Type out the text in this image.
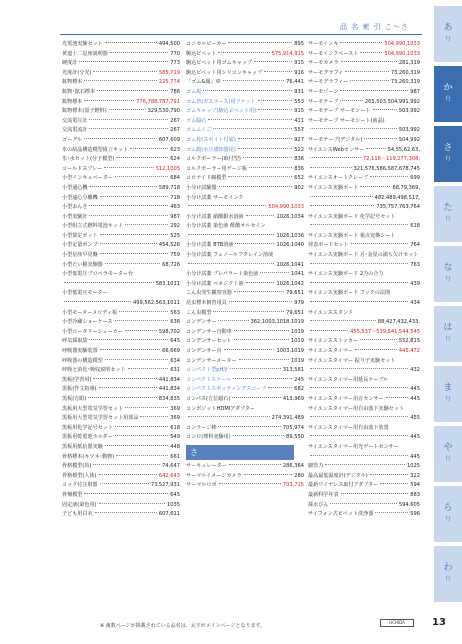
品 名 索 引 こ〜さ
光電池実験セット	494,500
黄道十二星座説明器	770
硬度計	773
光度計(分光)	585,719
鉱物標本	225,774
鉱物･鉱石標本	786
鉱物標本	776,788,787,791
鉱物標本(原子燃料)	329,530,790
交流電圧計	267
交流電流計	267
ゴーグル	607,609
氷の結晶構造模型組立キット	623
氷･水セット(分子模型)	624
コールドスプレー	512,1005
小型インキュベーター	684
小型通心機	589,718
小型遠心分離機	718
小型おんさ	463
小型実験計	987
小型組立式燃料電池キット	292
小型算定ポット	525
小型定量ポンプ	454,526
小型星座早見盤	759
小型たい積実験器	68,726
小型低電圧プロペラモーター台
583,1011
小型低電圧モーター
499,562,563,1011
小型モーターメロディ板	563
小型冷蔵ショーケース	636
小型ロータリーシェーカー	598,702
呼気採取袋	645
呼吸器実験装置	66,669
呼吸器の構造模型	634
呼吸と消化･吸収説明セット	631
黒板(学習用)	441,834
黒板(作文指導)	441,834
黒板(方眼)	834,835
黒板用大型電気学習セット	369
黒板用大型電気学習セット用部品	369
黒板用化学記号セット	618
黒板用乾電池ホルダー	549
黒板用抵抗器実験	448
骨格標本(キツネ･動物)	661
骨格模型(馬)	74,647
骨格模型(人体)	642,643
コック付注射器	73,527,931
骨盤模型	645
固定液(染色用)	1035
子ども用白衣	607,611
コニカルビーカー	895
駒込ピペット	575,914,915
駒込ピペット用ゴムキャップ	915
駒込ピペット用シリコンキャップ	916
「ゴム&鳳」車	76,441
ゴム板	931
ゴム管(ガスホース)用ソケット	553
ゴムキャップ(駒込ピペット用)	915
ゴム脇石	411
ゴムふくご	557
ゴム栓(スポイト付属)	927
ゴム膜(水圧感知器用)	522
コルクボーラー(取付型)	836
コルクボーラー用ゲージ板	836
コロナイド線模型	652
小分け試験器	902
小分け試薬 サーモインク
504,990,1033
小分け試薬 硝酸銀水溶液	1026,1034
小分け試薬 染色液 酢酸オルセイン
1026,1036
小分け試薬 BTB溶液	1026,1040
小分け試薬 フェノールフタレイン溶液
1026,1041
小分け試薬 プレパラート染色液	1041
小分け試薬 ベネジクト液	1026,1042
こん虫発生観察容器	79,651
昆虫標本飼育用具	979
こん虫模型	79,651
コンデンサー	362,1003,1018,1019
コンデンサー自動車	1019
コンデンサーセット	1019
コンデンサー台	1003,1019
コンデンサーメーター	1019
コンパクト型pH計	313,581
コンパクトスケール	245
コンパクトスポッティングスコープ	682
コンパス(方位磁石)	413,969
コンボジットHDMIアダプター
274,391,489
コンラージ棒	705,974
コンロ(理科実験用)	89,550
さ
サーキュレーター	286,364
サーマルイメージカメラ	280
サーマルロボ	703,715
サーモインキ	504,990,1033
サーモインクベースト	504,990,1033
サーモカメラ	281,319
サーモグラフィ	73,260,319
サーモグラフィー	73,260,319
サーモゾーン	987
サーモテープ	265,503,504,991,992
サーモテープ サーモシート	503,992
サーモテープ サーモシート(液晶)
503,992
サーモテープ(デジタル)	504,992
サイエンスWebセンサー	54,55,62,63,
72,116〜119,277,308,
321,576,586,587,678,745
サイエンスオートクレーブ	699
サイエンス実験ボード	68,79,369,
482,489,498,517,
735,757,763,764
サイエンス実験ボード 化学記号セット
618
サイエンス実験ボード 視点変換シート
発表ボードセット	764
サイエンス実験ボード 月･金星の満ち欠けセット
763
サイエンス実験ボード 2力の合力
439
サイエンス実験ボード フックの法則
434
サイエンススタンド
88,427,432,433,
455,537〜539,541,544,545
サイエンスストッカー	552,815
サイエンスタイマー	445,472
サイエンスタイマー 振り子実験セット
432
サイエンスタイマー用延長ケーブル
445
サイエンスタイマー用音センサー	445
サイエンスタイマー用自由落下実験セット
455
サイエンスタイマー用自由落下装置
445
サイエンスタイマー用光ゲートセンサー
445
細管力	1025
最高最低温度計(デジタル)	322
最新ワイヤレス取付アダプター	594
最新科学年表	883
採水びん	594,605
サイフォン式ピペット洗浄器	596
あ
行
か
行
さ
行
た
行
な
行
は
行
ま
行
や
行
ら
行
わ
行
※ 複数ページが掲載されている品名は、太字がメインページとなります。
UCHIDA	13
